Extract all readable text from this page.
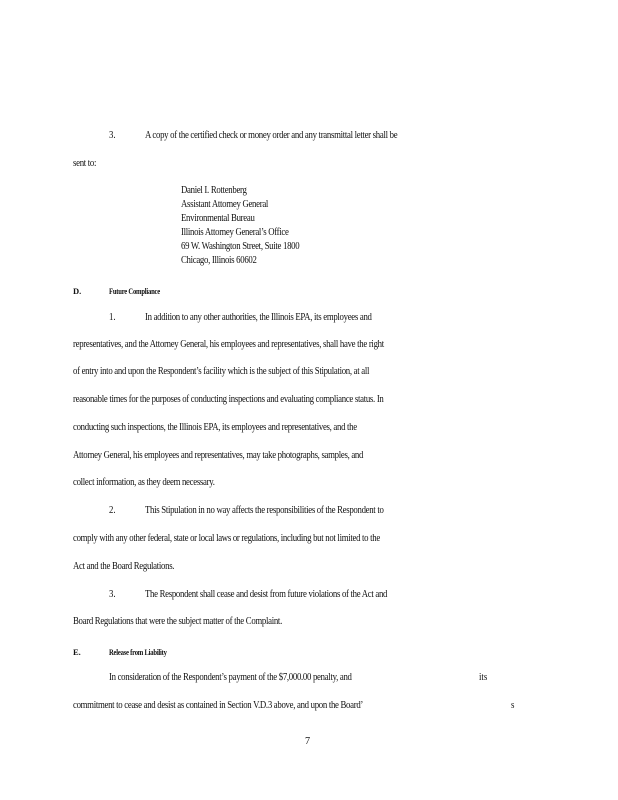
3.	A copy of the certified check or money order and any transmittal letter shall be
sent to:
Daniel I. Rottenberg
Assistant Attorney General
Environmental Bureau
Illinois Attorney General’s Office
69 W. Washington Street, Suite 1800
Chicago, Illinois 60602
D.	Future Compliance
1.	In addition to any other authorities, the Illinois EPA, its employees and
representatives, and the Attorney General, his employees and representatives, shall have the right
of entry into and upon the Respondent’s facility which is the subject of this Stipulation, at all
reasonable times for the purposes of conducting inspections and evaluating compliance status. In
conducting such inspections, the Illinois EPA, its employees and representatives, and the
Attorney General, his employees and representatives, may take photographs, samples, and
collect information, as they deem necessary.
2.	This Stipulation in no way affects the responsibilities of the Respondent to
comply with any other federal, state or local laws or regulations, including but not limited to the
Act and the Board Regulations.
3.	The Respondent shall cease and desist from future violations of the Act and
Board Regulations that were the subject matter of the Complaint.
E.	Release from Liability
In consideration of the Respondent’s payment of the $7,000.00 penalty, and	its
commitment to cease and desist as contained in Section V.D.3 above, and upon the Board’	s
7
